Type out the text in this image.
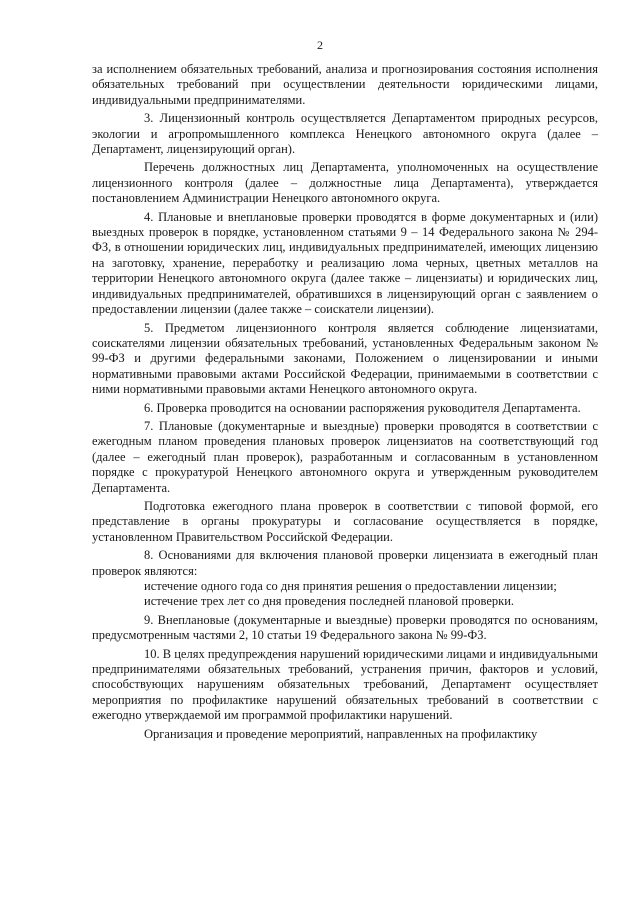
2

за исполнением обязательных требований, анализа и прогнозирования состояния исполнения обязательных требований при осуществлении деятельности юридическими лицами, индивидуальными предпринимателями.

3. Лицензионный контроль осуществляется Департаментом природных ресурсов, экологии и агропромышленного комплекса Ненецкого автономного округа (далее – Департамент, лицензирующий орган).

Перечень должностных лиц Департамента, уполномоченных на осуществление лицензионного контроля (далее – должностные лица Департамента), утверждается постановлением Администрации Ненецкого автономного округа.

4. Плановые и внеплановые проверки проводятся в форме документарных и (или) выездных проверок в порядке, установленном статьями 9 – 14 Федерального закона № 294-ФЗ, в отношении юридических лиц, индивидуальных предпринимателей, имеющих лицензию на заготовку, хранение, переработку и реализацию лома черных, цветных металлов на территории Ненецкого автономного округа (далее также – лицензиаты) и юридических лиц, индивидуальных предпринимателей, обратившихся в лицензирующий орган с заявлением о предоставлении лицензии (далее также – соискатели лицензии).

5. Предметом лицензионного контроля является соблюдение лицензиатами, соискателями лицензии обязательных требований, установленных Федеральным законом № 99-ФЗ и другими федеральными законами, Положением о лицензировании и иными нормативными правовыми актами Российской Федерации, принимаемыми в соответствии с ними нормативными правовыми актами Ненецкого автономного округа.

6. Проверка проводится на основании распоряжения руководителя Департамента.

7. Плановые (документарные и выездные) проверки проводятся в соответствии с ежегодным планом проведения плановых проверок лицензиатов на соответствующий год (далее – ежегодный план проверок), разработанным и согласованным в установленном порядке с прокуратурой Ненецкого автономного округа и утвержденным руководителем Департамента.

Подготовка ежегодного плана проверок в соответствии с типовой формой, его представление в органы прокуратуры и согласование осуществляется в порядке, установленном Правительством Российской Федерации.

8. Основаниями для включения плановой проверки лицензиата в ежегодный план проверок являются:

истечение одного года со дня принятия решения о предоставлении лицензии;

истечение трех лет со дня проведения последней плановой проверки.

9. Внеплановые (документарные и выездные) проверки проводятся по основаниям, предусмотренным частями 2, 10 статьи 19 Федерального закона № 99-ФЗ.

10. В целях предупреждения нарушений юридическими лицами и индивидуальными предпринимателями обязательных требований, устранения причин, факторов и условий, способствующих нарушениям обязательных требований, Департамент осуществляет мероприятия по профилактике нарушений обязательных требований в соответствии с ежегодно утверждаемой им программой профилактики нарушений.

Организация и проведение мероприятий, направленных на профилактику
